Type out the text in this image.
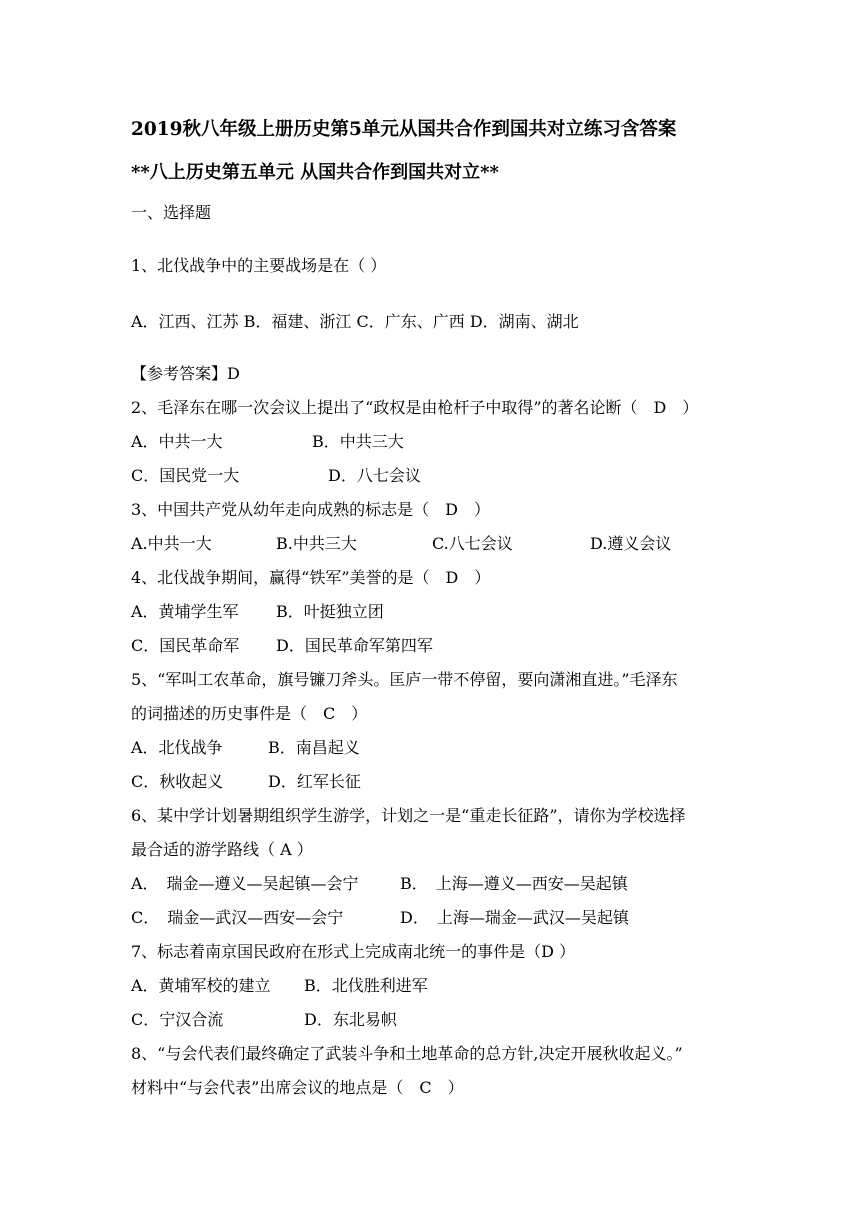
2019秋八年级上册历史第5单元从国共合作到国共对立练习含答案
**八上历史第五单元 从国共合作到国共对立**
一、选择题
1、北伐战争中的主要战场是在（ ）
A．江西、江苏 B．福建、浙江 C．广东、广西 D．湖南、湖北
【参考答案】D
2、毛泽东在哪一次会议上提出了“政权是由枪杆子中取得”的著名论断（　D　）
A．中共一大	B．中共三大
C．国民党一大	D．八七会议
3、中国共产党从幼年走向成熟的标志是（　D　）
A.中共一大	B.中共三大	C.八七会议	D.遵义会议
4、北伐战争期间，赢得“铁军”美誉的是（　D　）
A．黄埔学生军 B．叶挺独立团
C．国民革命军 D．国民革命军第四军
5、“军叫工农革命，旗号镰刀斧头。匡庐一带不停留，要向潇湘直进。”毛泽东
的词描述的历史事件是（　C　）
A．北伐战争	B．南昌起义
C．秋收起义	D．红军长征
6、某中学计划暑期组织学生游学，计划之一是“重走长征路”，请你为学校选择
最合适的游学路线（ A ）
A．　瑞金—遵义—吴起镇—会宁	B．　上海—遵义—西安—吴起镇
C．　瑞金—武汉—西安—会宁	D．　上海—瑞金—武汉—吴起镇
7、标志着南京国民政府在形式上完成南北统一的事件是（D ）
A．黄埔军校的建立 B．北伐胜利进军
C．宁汉合流	D．东北易帜
8、“与会代表们最终确定了武装斗争和土地革命的总方针,决定开展秋收起义。”
材料中“与会代表”出席会议的地点是（　C　）
